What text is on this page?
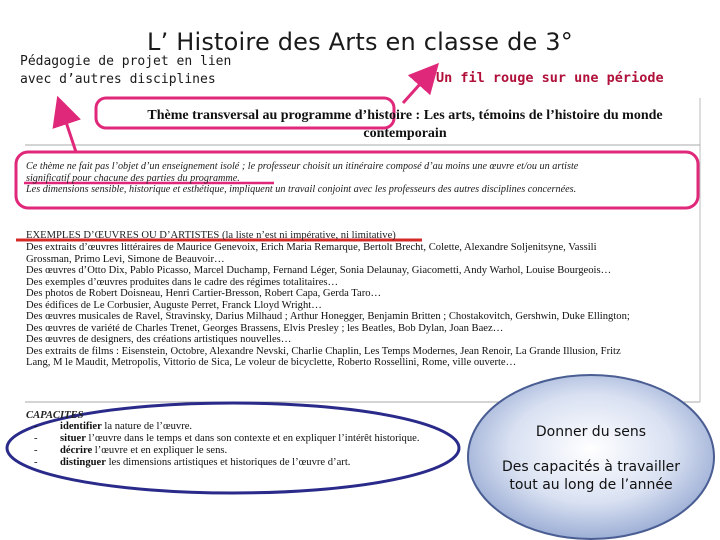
L’ Histoire des Arts en classe de 3°
Pédagogie de projet en lien
avec d’autres disciplines	Un fil rouge sur une période
Thème transversal au programme d’histoire : Les arts, témoins de l’histoire du monde
contemporain
Ce thème ne fait pas l’objet d’un enseignement isolé ; le professeur choisit un itinéraire composé d’au moins une œuvre et/ou un artiste
significatif pour chacune des parties du programme.
Les dimensions sensible, historique et esthétique, impliquent un travail conjoint avec les professeurs des autres disciplines concernées.
EXEMPLES D’ŒUVRES OU D’ARTISTES (la liste n’est ni impérative, ni limitative)
Des extraits d’œuvres littéraires de Maurice Genevoix, Erich Maria Remarque, Bertolt Brecht, Colette, Alexandre Soljenitsyne, Vassili
Grossman, Primo Levi, Simone de Beauvoir…
Des œuvres d’Otto Dix, Pablo Picasso, Marcel Duchamp, Fernand Léger, Sonia Delaunay, Giacometti, Andy Warhol, Louise Bourgeois…
Des exemples d’œuvres produites dans le cadre des régimes totalitaires…
Des photos de Robert Doisneau, Henri Cartier-Bresson, Robert Capa, Gerda Taro…
Des édifices de Le Corbusier, Auguste Perret, Franck Lloyd Wright…
Des œuvres musicales de Ravel, Stravinsky, Darius Milhaud ; Arthur Honegger, Benjamin Britten ; Chostakovitch, Gershwin, Duke Ellington;
Des œuvres de variété de Charles Trenet, Georges Brassens, Elvis Presley ; les Beatles, Bob Dylan, Joan Baez…
Des œuvres de designers, des créations artistiques nouvelles…
Des extraits de films : Eisenstein, Octobre, Alexandre Nevski, Charlie Chaplin, Les Temps Modernes, Jean Renoir, La Grande Illusion, Fritz
Lang, M le Maudit, Metropolis, Vittorio de Sica, Le voleur de bicyclette, Roberto Rossellini, Rome, ville ouverte…
CAPACITES
- identifier la nature de l’œuvre.
- situer l’œuvre dans le temps et dans son contexte et en expliquer l’intérêt historique.
- décrire l’œuvre et en expliquer le sens.
- distinguer les dimensions artistiques et historiques de l’œuvre d’art.
Donner du sens
Des capacités à travailler
tout au long de l’année
